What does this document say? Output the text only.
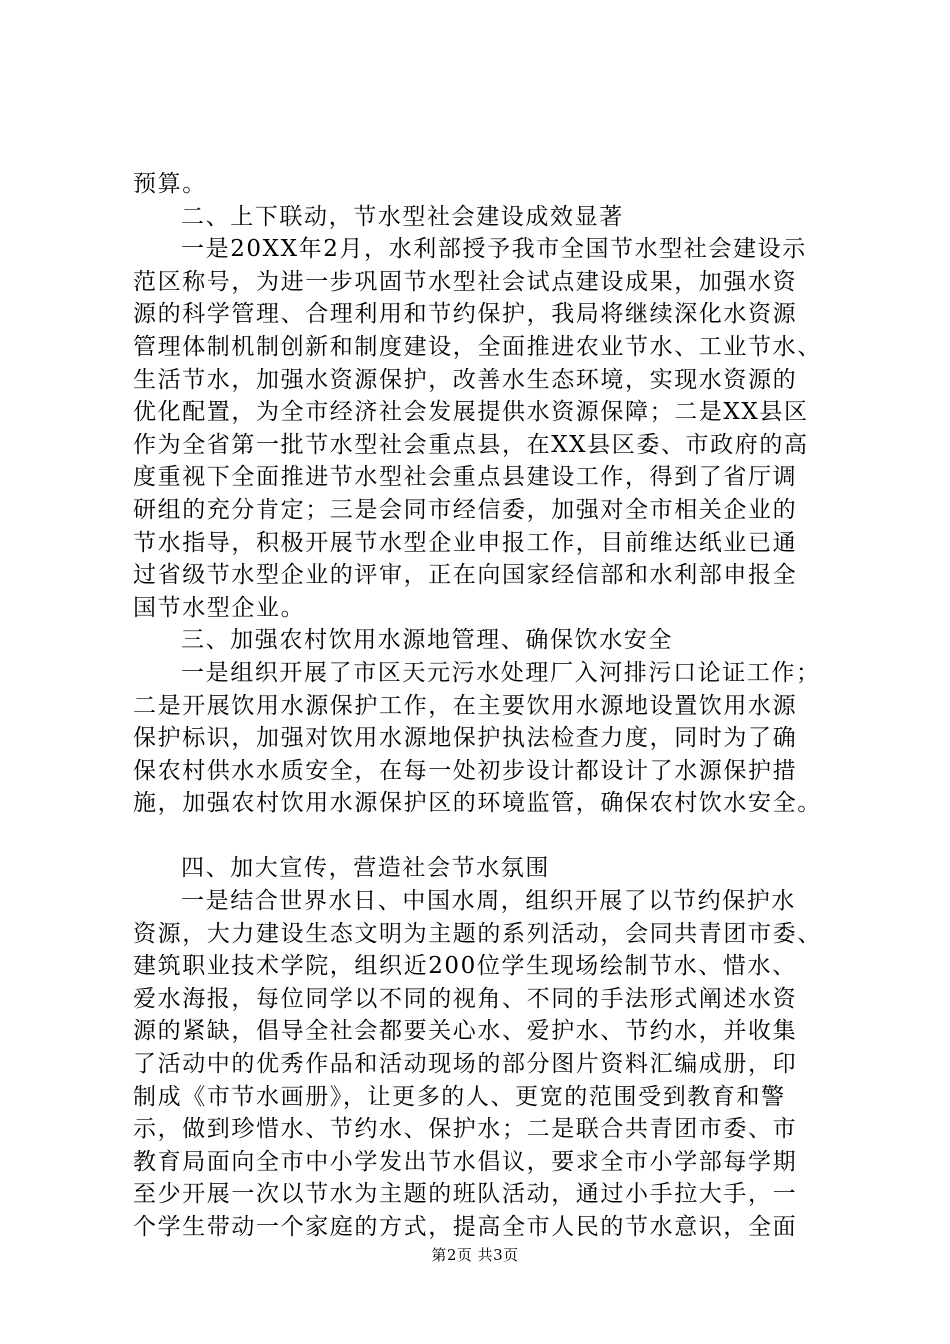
预算。
二、上下联动，节水型社会建设成效显著
一是20XX年2月，水利部授予我市全国节水型社会建设示
范区称号，为进一步巩固节水型社会试点建设成果，加强水资
源的科学管理、合理利用和节约保护，我局将继续深化水资源
管理体制机制创新和制度建设，全面推进农业节水、工业节水、
生活节水，加强水资源保护，改善水生态环境，实现水资源的
优化配置，为全市经济社会发展提供水资源保障；二是XX县区
作为全省第一批节水型社会重点县，在XX县区委、市政府的高
度重视下全面推进节水型社会重点县建设工作，得到了省厅调
研组的充分肯定；三是会同市经信委，加强对全市相关企业的
节水指导，积极开展节水型企业申报工作，目前维达纸业已通
过省级节水型企业的评审，正在向国家经信部和水利部申报全
国节水型企业。
三、加强农村饮用水源地管理、确保饮水安全
一是组织开展了市区天元污水处理厂入河排污口论证工作；
二是开展饮用水源保护工作，在主要饮用水源地设置饮用水源
保护标识，加强对饮用水源地保护执法检查力度，同时为了确
保农村供水水质安全，在每一处初步设计都设计了水源保护措
施，加强农村饮用水源保护区的环境监管，确保农村饮水安全。
四、加大宣传，营造社会节水氛围
一是结合世界水日、中国水周，组织开展了以节约保护水
资源，大力建设生态文明为主题的系列活动，会同共青团市委、
建筑职业技术学院，组织近200位学生现场绘制节水、惜水、
爱水海报，每位同学以不同的视角、不同的手法形式阐述水资
源的紧缺，倡导全社会都要关心水、爱护水、节约水，并收集
了活动中的优秀作品和活动现场的部分图片资料汇编成册，印
制成《市节水画册》，让更多的人、更宽的范围受到教育和警
示，做到珍惜水、节约水、保护水；二是联合共青团市委、市
教育局面向全市中小学发出节水倡议，要求全市小学部每学期
至少开展一次以节水为主题的班队活动，通过小手拉大手，一
个学生带动一个家庭的方式，提高全市人民的节水意识，全面
第2页 共3页
